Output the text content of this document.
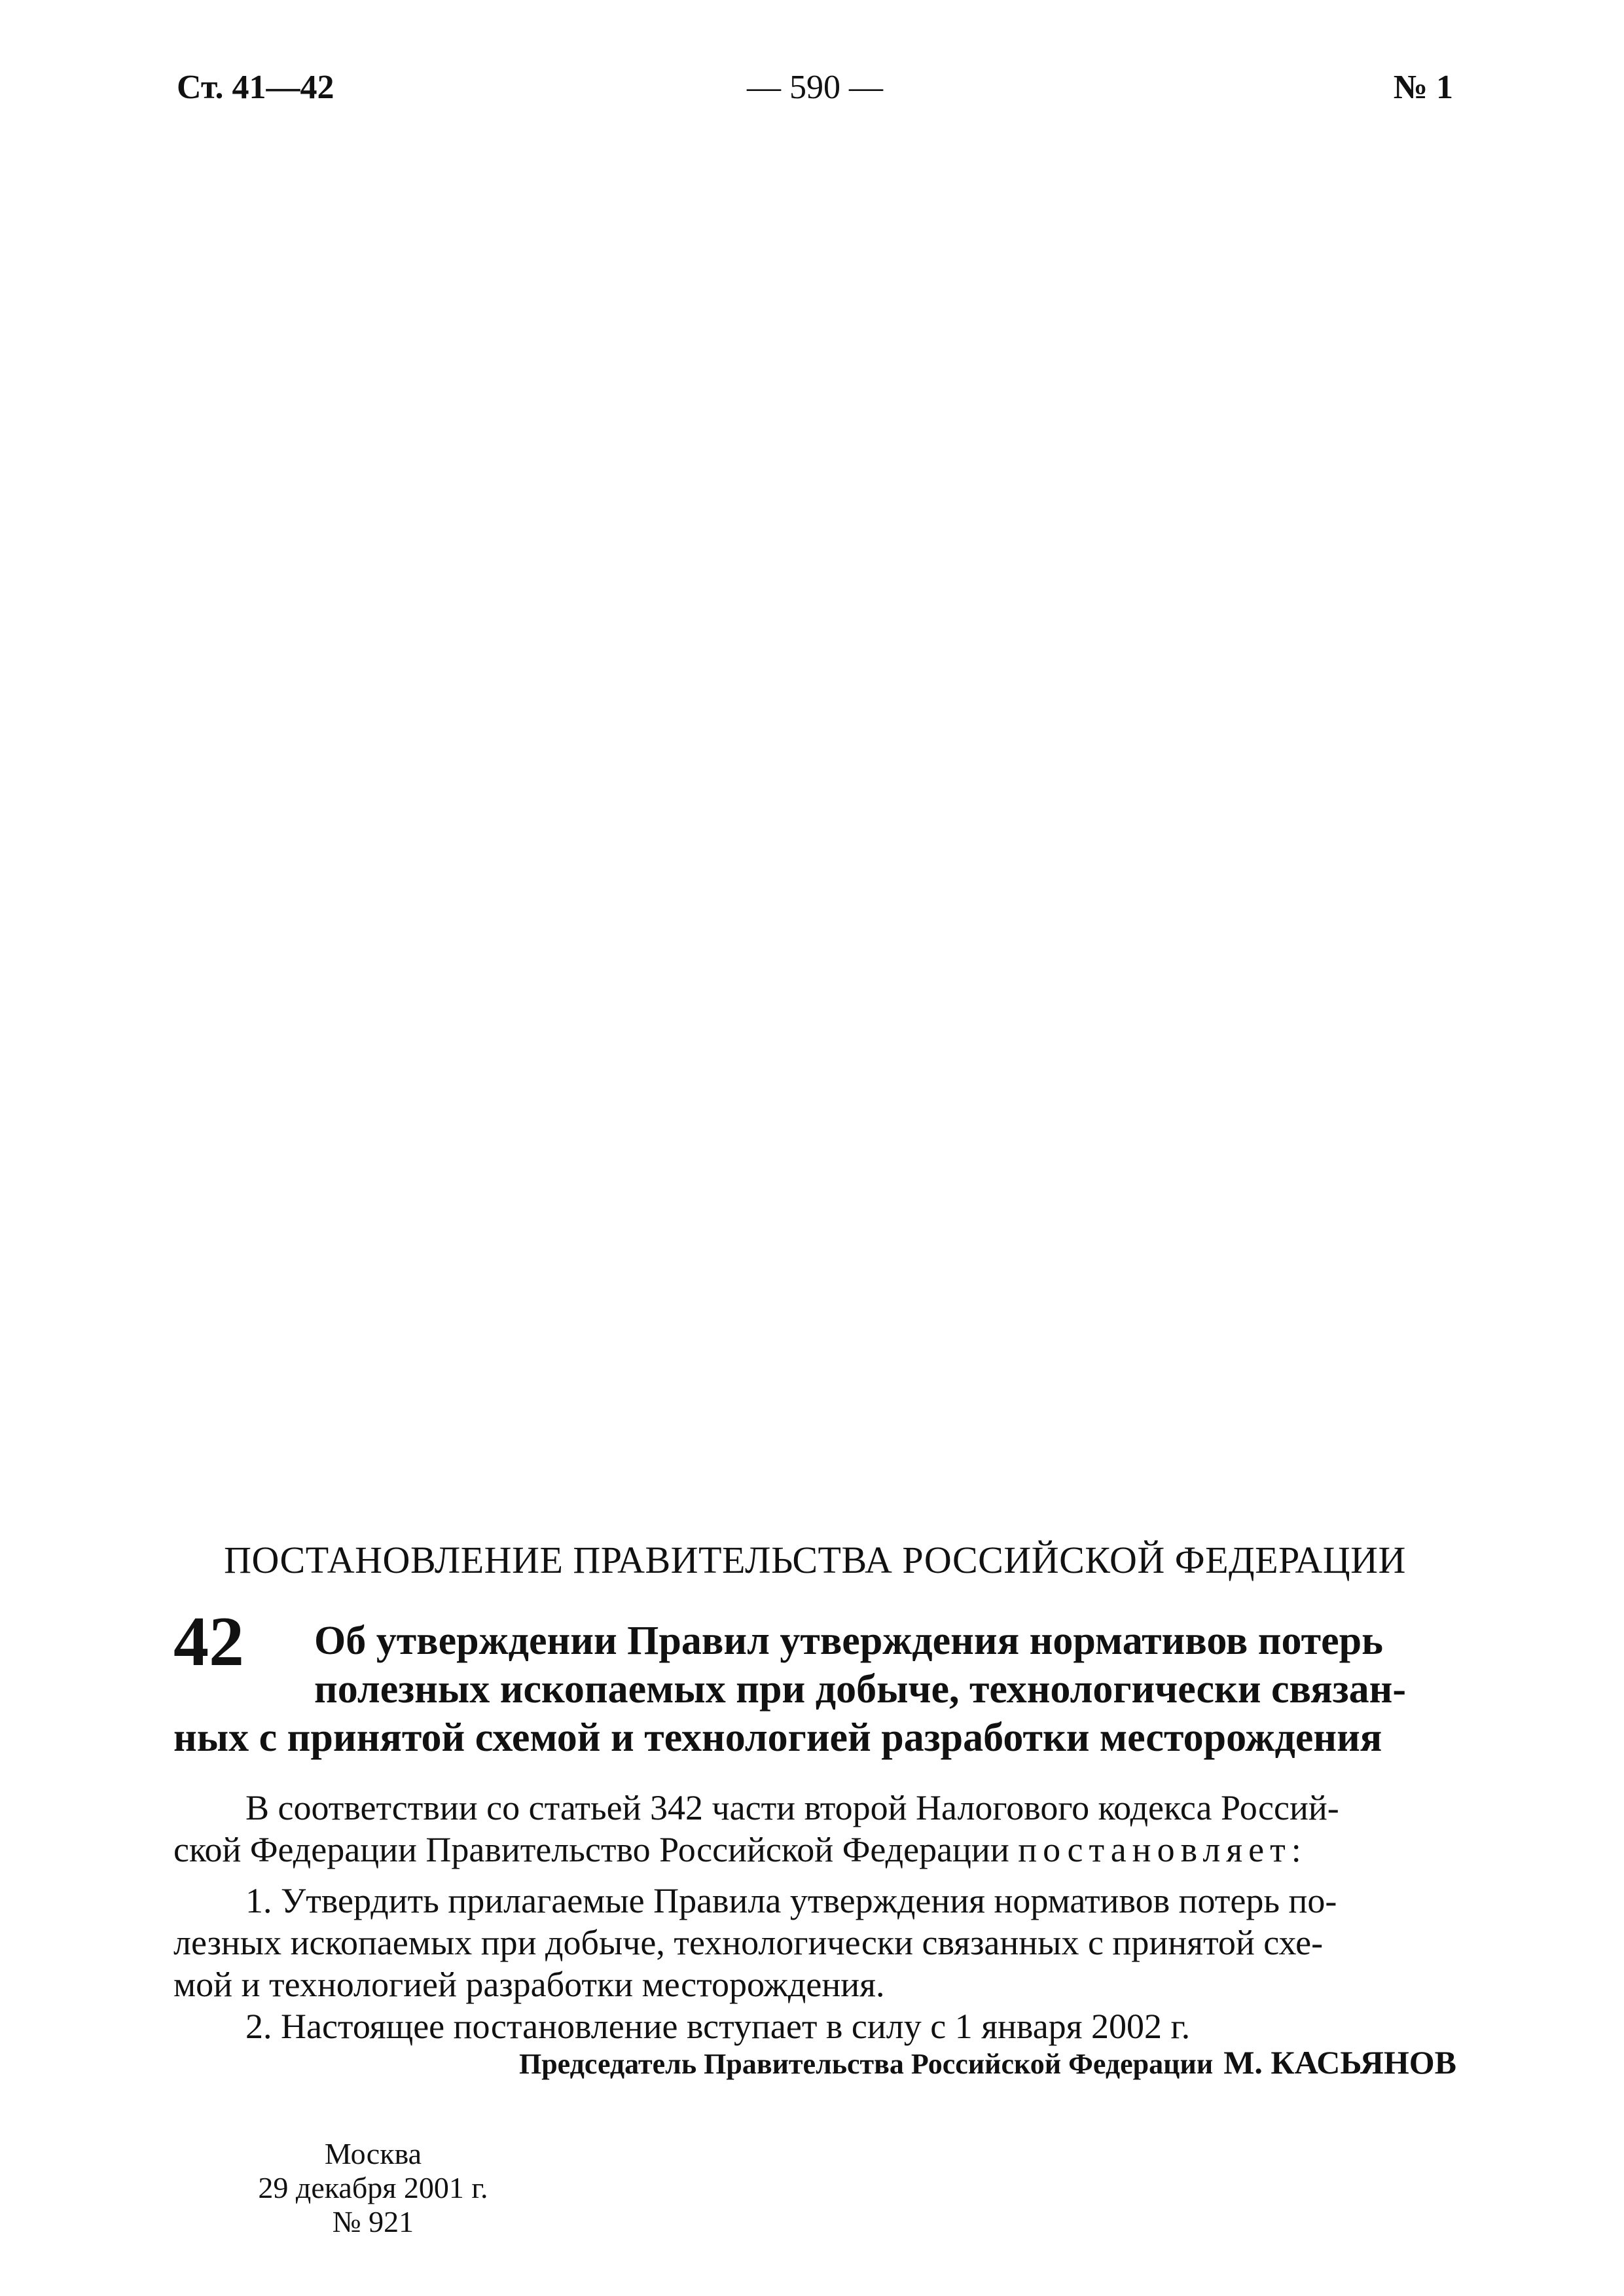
Ст. 41—42	— 590 —	№ 1
ПОСТАНОВЛЕНИЕ ПРАВИТЕЛЬСТВА РОССИЙСКОЙ ФЕДЕРАЦИИ
42	Об утверждении Правил утверждения нормативов потерь
полезных ископаемых при добыче, технологически связан-
ных с принятой схемой и технологией разработки месторождения
В соответствии со статьей 342 части второй Налогового кодекса Россий-
ской Федерации Правительство Российской Федерации постановляет:
1. Утвердить прилагаемые Правила утверждения нормативов потерь по-
лезных ископаемых при добыче, технологически связанных с принятой схе-
мой и технологией разработки месторождения.
2. Настоящее постановление вступает в силу с 1 января 2002 г.
Председатель Правительства Российской Федерации М. КАСЬЯНОВ
Москва
29 декабря 2001 г.
№ 921
